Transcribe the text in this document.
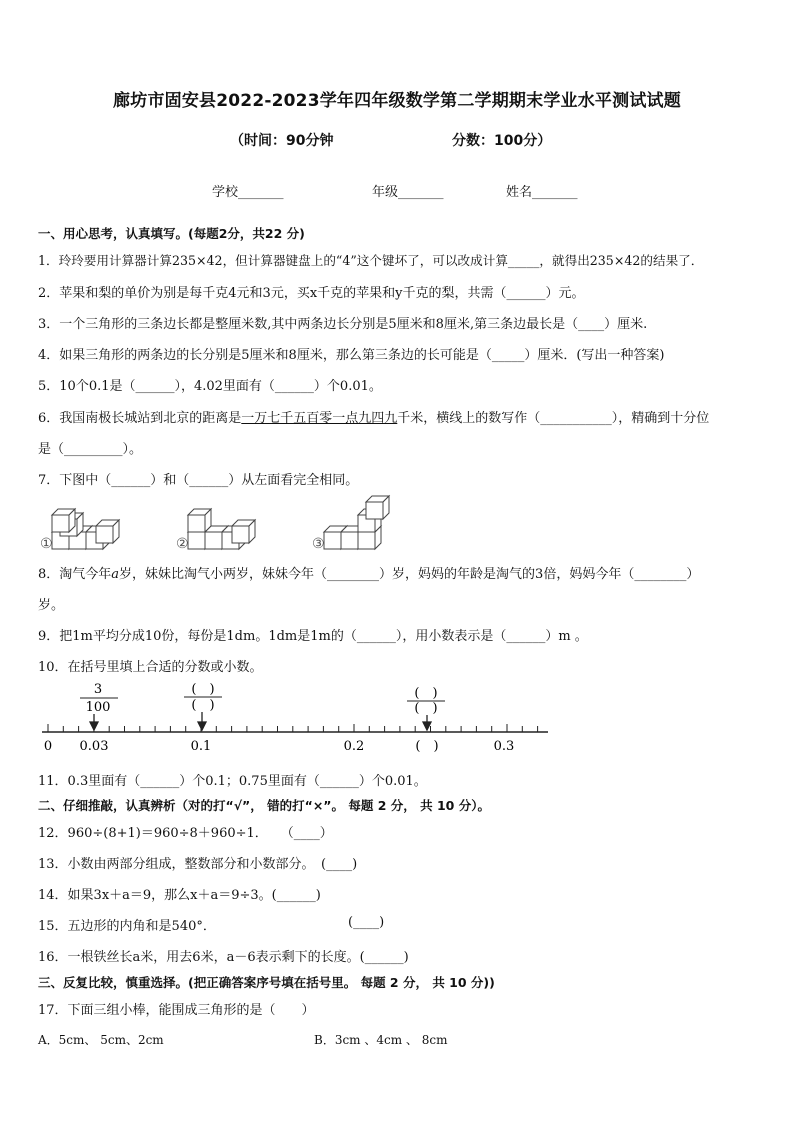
廊坊市固安县2022-2023学年四年级数学第二学期期末学业水平测试试题
（时间：90分钟	分数：100分）
学校_______	年级_______	姓名_______
一、用心思考，认真填写。(每题2分，共22 分)
1．玲玲要用计算器计算235×42，但计算器键盘上的“4”这个键坏了，可以改成计算_____，就得出235×42的结果了．
2．苹果和梨的单价为别是每千克4元和3元，买x千克的苹果和y千克的梨，共需（______）元。
3．一个三角形的三条边长都是整厘米数,其中两条边长分别是5厘米和8厘米,第三条边最长是（____）厘米.
4．如果三角形的两条边的长分别是5厘米和8厘米，那么第三条边的长可能是（_____）厘米．(写出一种答案)
5．10个0.1是（______），4.02里面有（______）个0.01。
6．我国南极长城站到北京的距离是一万七千五百零一点九四九千米，横线上的数写作（___________），精确到十分位
是（_________）。
7．下图中（______）和（______）从左面看完全相同。
①	②	③
8．淘气今年a岁，妹妹比淘气小两岁，妹妹今年（________）岁，妈妈的年龄是淘气的3倍，妈妈今年（________）
岁。
9．把1m平均分成10份，每份是1dm。1dm是1m的（______），用小数表示是（______）m 。
10．在括号里填上合适的分数或小数。
3
100
(　)
(　)
(　)
(　)
0 0.03	0.1	0.2	(　)	0.3
11．0.3里面有（______）个0.1；0.75里面有（______）个0.01。
二、仔细推敲，认真辨析（对的打“√”， 错的打“×”。 每题 2 分， 共 10 分）。
12．960÷(8+1)＝960÷8＋960÷1．　　（____）
13．小数由两部分组成，整数部分和小数部分。　(____)
14．如果3x＋a＝9，那么x＋a＝9÷3。(______)
15．五边形的内角和是540°．	(____)
16．一根铁丝长a米，用去6米，a－6表示剩下的长度。(______)
三、反复比较，慎重选择。(把正确答案序号填在括号里。 每题 2 分， 共 10 分))
17．下面三组小棒，能围成三角形的是（　　）
A．5cm、 5cm、2cm	B．3cm 、4cm 、 8cm
